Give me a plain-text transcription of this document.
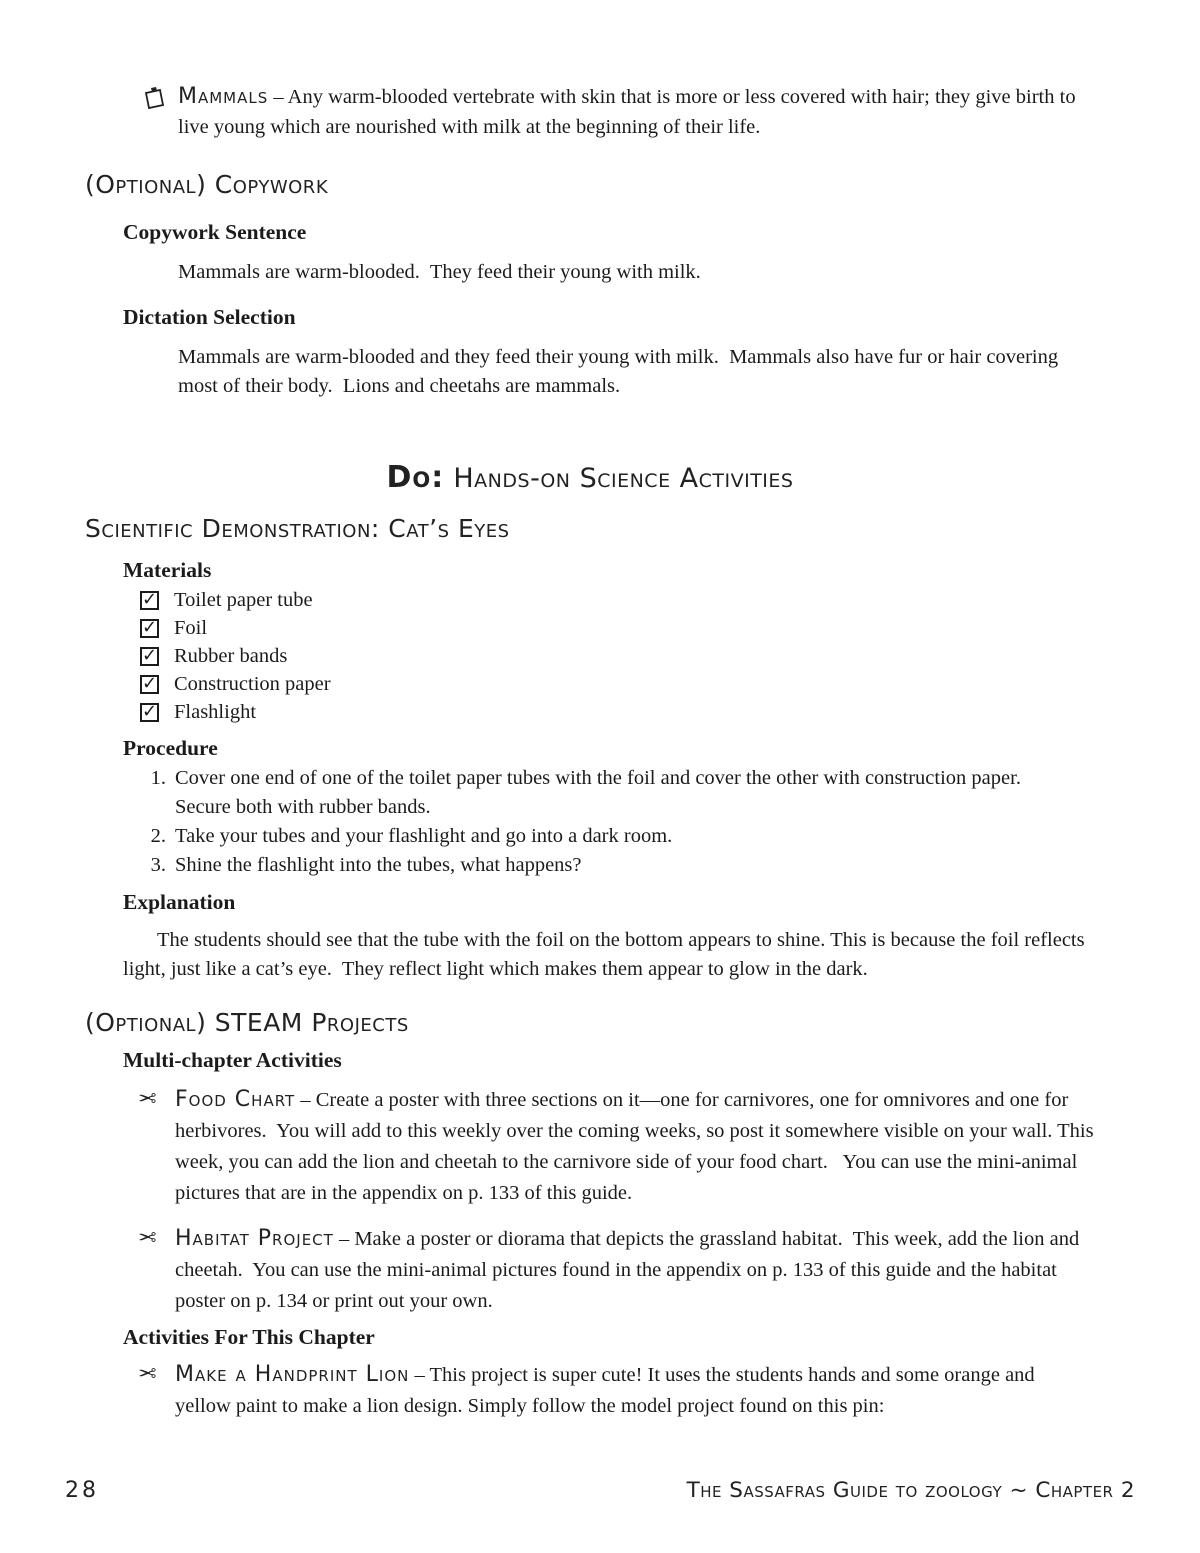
Mammals – Any warm-blooded vertebrate with skin that is more or less covered with hair; they give birth to live young which are nourished with milk at the beginning of their life.
(Optional) Copywork
Copywork Sentence
Mammals are warm-blooded.  They feed their young with milk.
Dictation Selection
Mammals are warm-blooded and they feed their young with milk.  Mammals also have fur or hair covering most of their body.  Lions and cheetahs are mammals.
Do: Hands-on Science Activities
Scientific Demonstration: Cat’s Eyes
Materials
✓ Toilet paper tube
✓ Foil
✓ Rubber bands
✓ Construction paper
✓ Flashlight
Procedure
1. Cover one end of one of the toilet paper tubes with the foil and cover the other with construction paper. Secure both with rubber bands.
2. Take your tubes and your flashlight and go into a dark room.
3. Shine the flashlight into the tubes, what happens?
Explanation
The students should see that the tube with the foil on the bottom appears to shine. This is because the foil reflects light, just like a cat’s eye.  They reflect light which makes them appear to glow in the dark.
(Optional) STEAM Projects
Multi-chapter Activities
✂ Food Chart – Create a poster with three sections on it—one for carnivores, one for omnivores and one for herbivores.  You will add to this weekly over the coming weeks, so post it somewhere visible on your wall. This week, you can add the lion and cheetah to the carnivore side of your food chart.   You can use the mini-animal pictures that are in the appendix on p. 133 of this guide.
✂ Habitat Project – Make a poster or diorama that depicts the grassland habitat.  This week, add the lion and cheetah.  You can use the mini-animal pictures found in the appendix on p. 133 of this guide and the habitat poster on p. 134 or print out your own.
Activities For This Chapter
✂ Make a Handprint Lion – This project is super cute! It uses the students hands and some orange and yellow paint to make a lion design. Simply follow the model project found on this pin:
28	The Sassafras Guide to zoology ~ Chapter 2
